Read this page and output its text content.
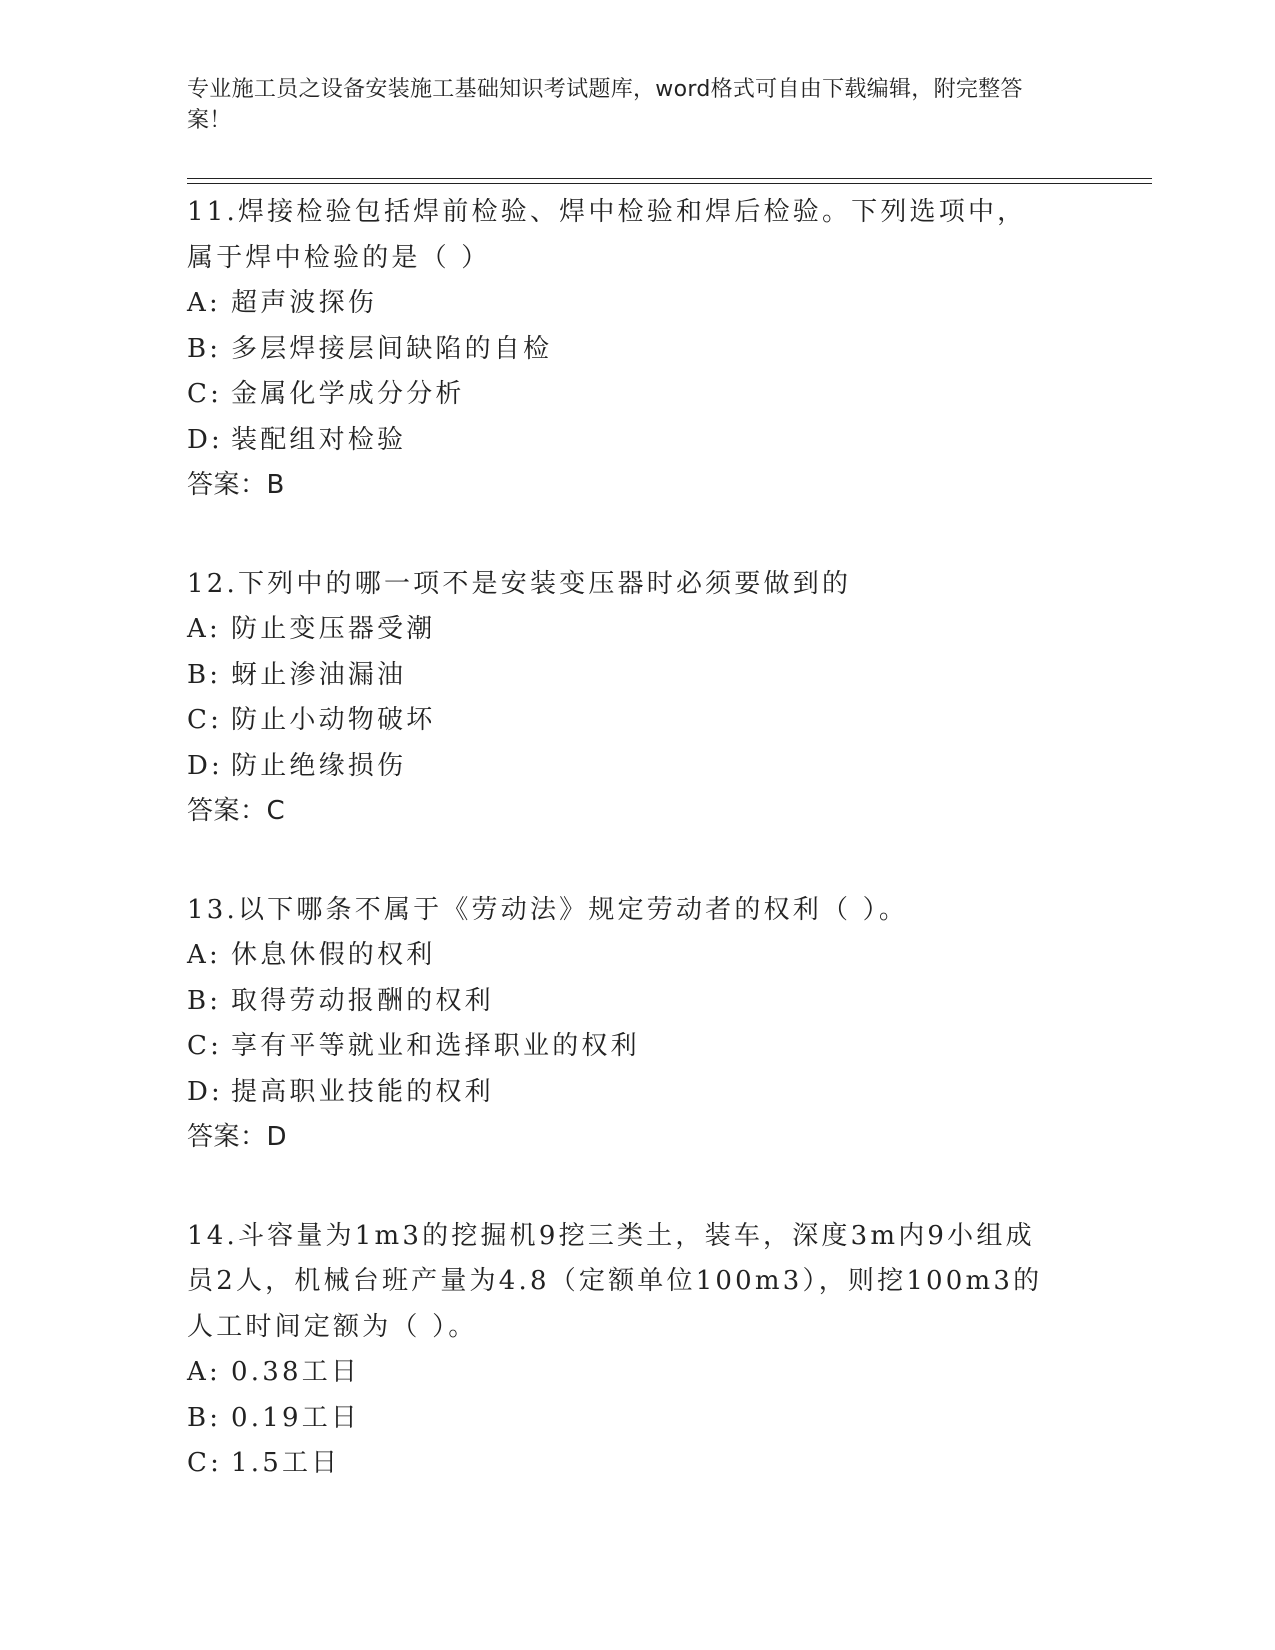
专业施工员之设备安装施工基础知识考试题库，word格式可自由下载编辑，附完整答案！
11.焊接检验包括焊前检验、焊中检验和焊后检验。下列选项中，属于焊中检验的是（ ）
A: 超声波探伤
B: 多层焊接层间缺陷的自检
C: 金属化学成分分析
D: 装配组对检验
答案：B
12.下列中的哪一项不是安装变压器时必须要做到的
A: 防止变压器受潮
B: 蚜止渗油漏油
C: 防止小动物破坏
D: 防止绝缘损伤
答案：C
13.以下哪条不属于《劳动法》规定劳动者的权利（ ）。
A: 休息休假的权利
B: 取得劳动报酬的权利
C: 享有平等就业和选择职业的权利
D: 提高职业技能的权利
答案：D
14.斗容量为1m3的挖掘机9挖三类土，装车，深度3m内9小组成员2人，机械台班产量为4.8（定额单位100m3），则挖100m3的人工时间定额为（ ）。
A: 0.38工日
B: 0.19工日
C: 1.5工日
